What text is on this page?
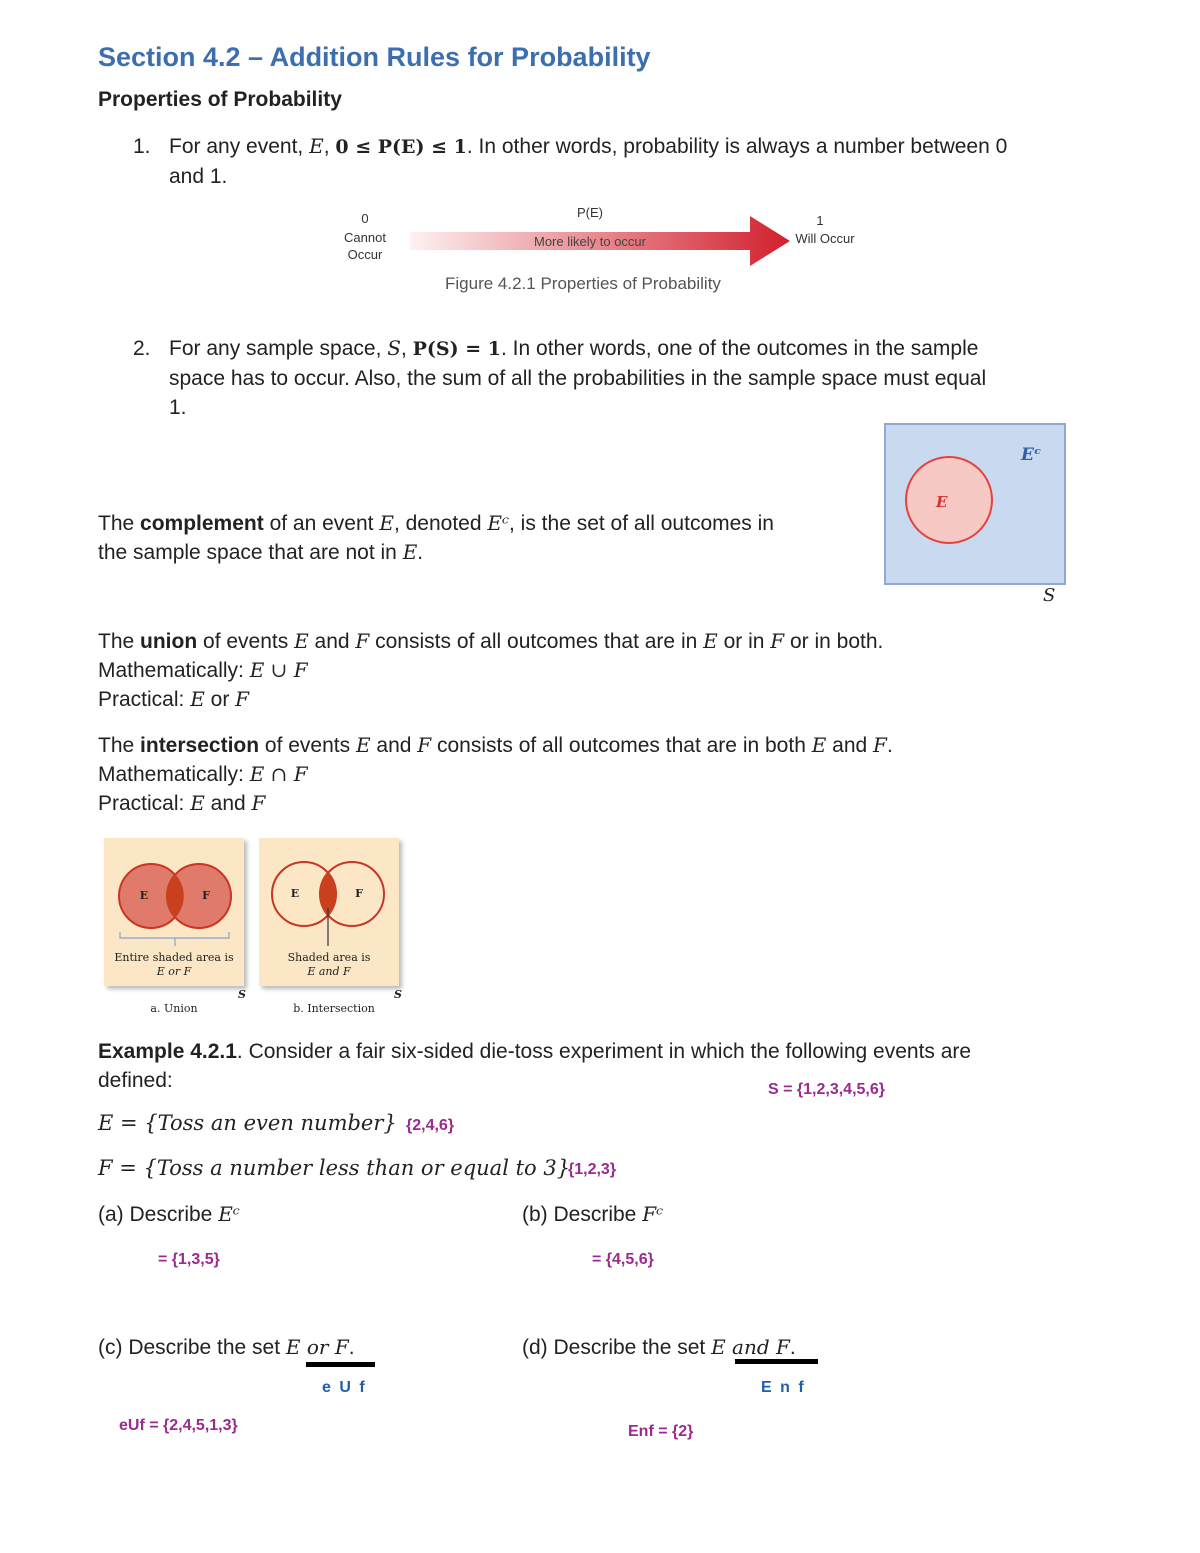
Section 4.2 – Addition Rules for Probability
Properties of Probability
1. For any event, E, 0 ≤ P(E) ≤ 1. In other words, probability is always a number between 0
and 1.
0
Cannot
Occur
P(E)
More likely to occur
1
Will Occur
Figure 4.2.1 Properties of Probability
2. For any sample space, S, P(S) = 1. In other words, one of the outcomes in the sample
space has to occur. Also, the sum of all the probabilities in the sample space must equal
1.
The complement of an event E, denoted Eᶜ, is the set of all outcomes in
the sample space that are not in E.
E
Eᶜ
S
The union of events E and F consists of all outcomes that are in E or in F or in both.
Mathematically: E ∪ F
Practical: E or F
The intersection of events E and F consists of all outcomes that are in both E and F.
Mathematically: E ∩ F
Practical: E and F
E	F
Entire shaded area is
E or F
S
a. Union
E	F
Shaded area is
E and F
S
b. Intersection
Example 4.2.1. Consider a fair six-sided die-toss experiment in which the following events are
defined:	S = {1,2,3,4,5,6}
E = {Toss an even number} {2,4,6}
F = {Toss a number less than or equal to 3}
{1,2,3}
(a) Describe Eᶜ
= {1,3,5}
(b) Describe Fᶜ
= {4,5,6}
(c) Describe the set E or F.
e U f
eUf = {2,4,5,1,3}
(d) Describe the set E and F.
E n f
Enf = {2}
